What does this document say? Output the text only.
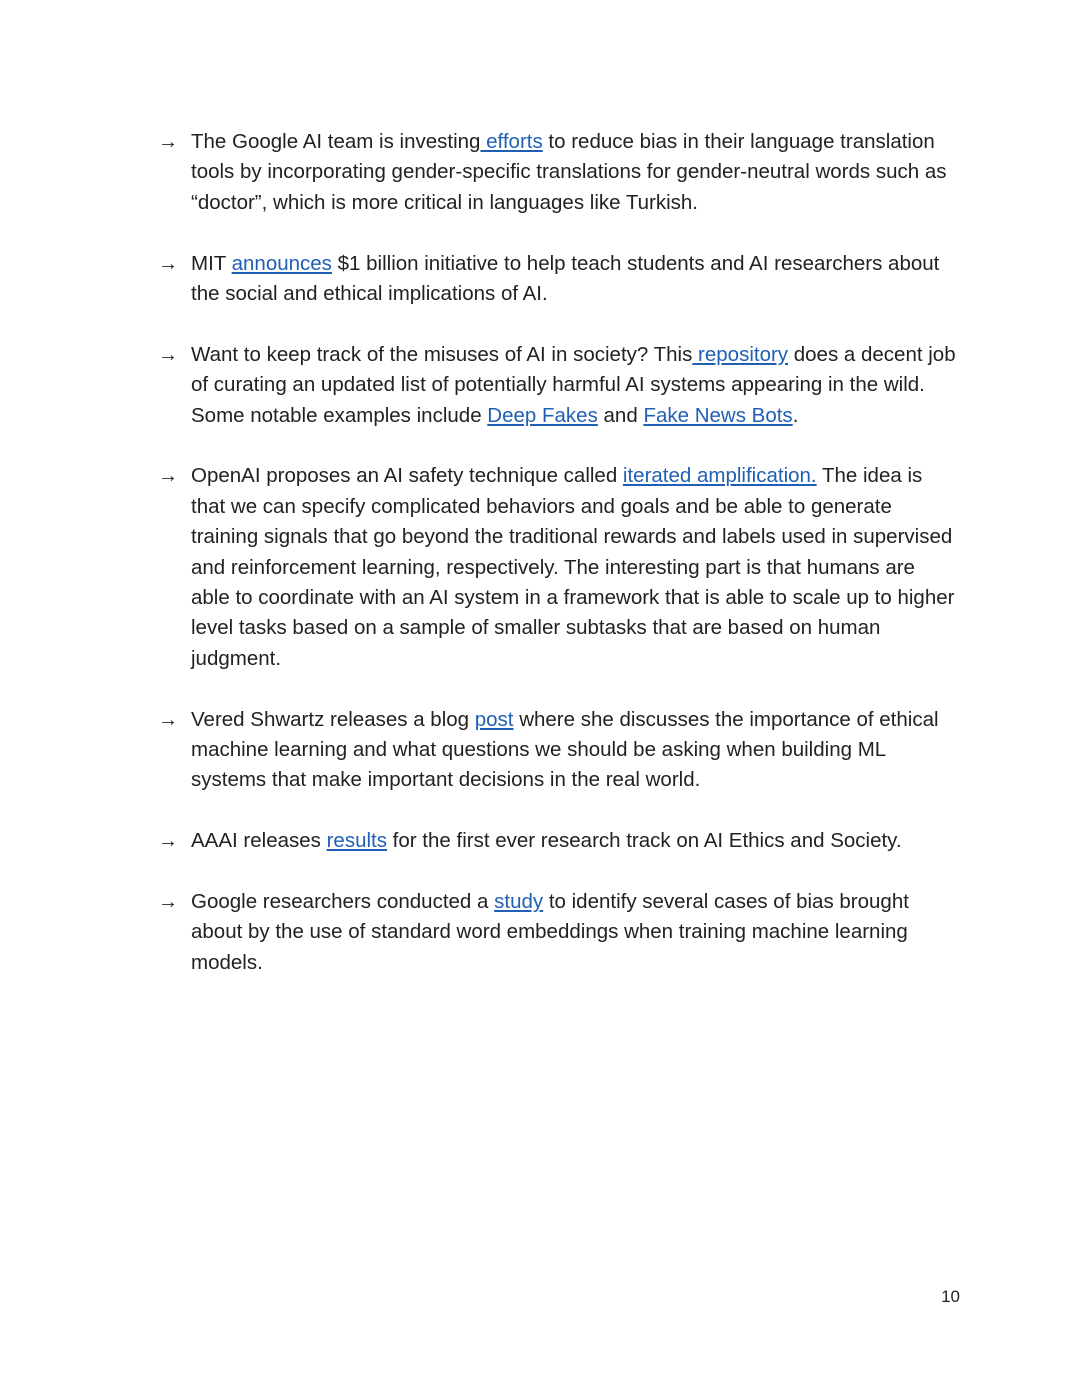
→ The Google AI team is investing efforts to reduce bias in their language translation tools by incorporating gender-specific translations for gender-neutral words such as “doctor”, which is more critical in languages like Turkish.
→ MIT announces $1 billion initiative to help teach students and AI researchers about the social and ethical implications of AI.
→ Want to keep track of the misuses of AI in society? This repository does a decent job of curating an updated list of potentially harmful AI systems appearing in the wild. Some notable examples include Deep Fakes and Fake News Bots.
→ OpenAI proposes an AI safety technique called iterated amplification. The idea is that we can specify complicated behaviors and goals and be able to generate training signals that go beyond the traditional rewards and labels used in supervised and reinforcement learning, respectively. The interesting part is that humans are able to coordinate with an AI system in a framework that is able to scale up to higher level tasks based on a sample of smaller subtasks that are based on human judgment.
→ Vered Shwartz releases a blog post where she discusses the importance of ethical machine learning and what questions we should be asking when building ML systems that make important decisions in the real world.
→ AAAI releases results for the first ever research track on AI Ethics and Society.
→ Google researchers conducted a study to identify several cases of bias brought about by the use of standard word embeddings when training machine learning models.
10
